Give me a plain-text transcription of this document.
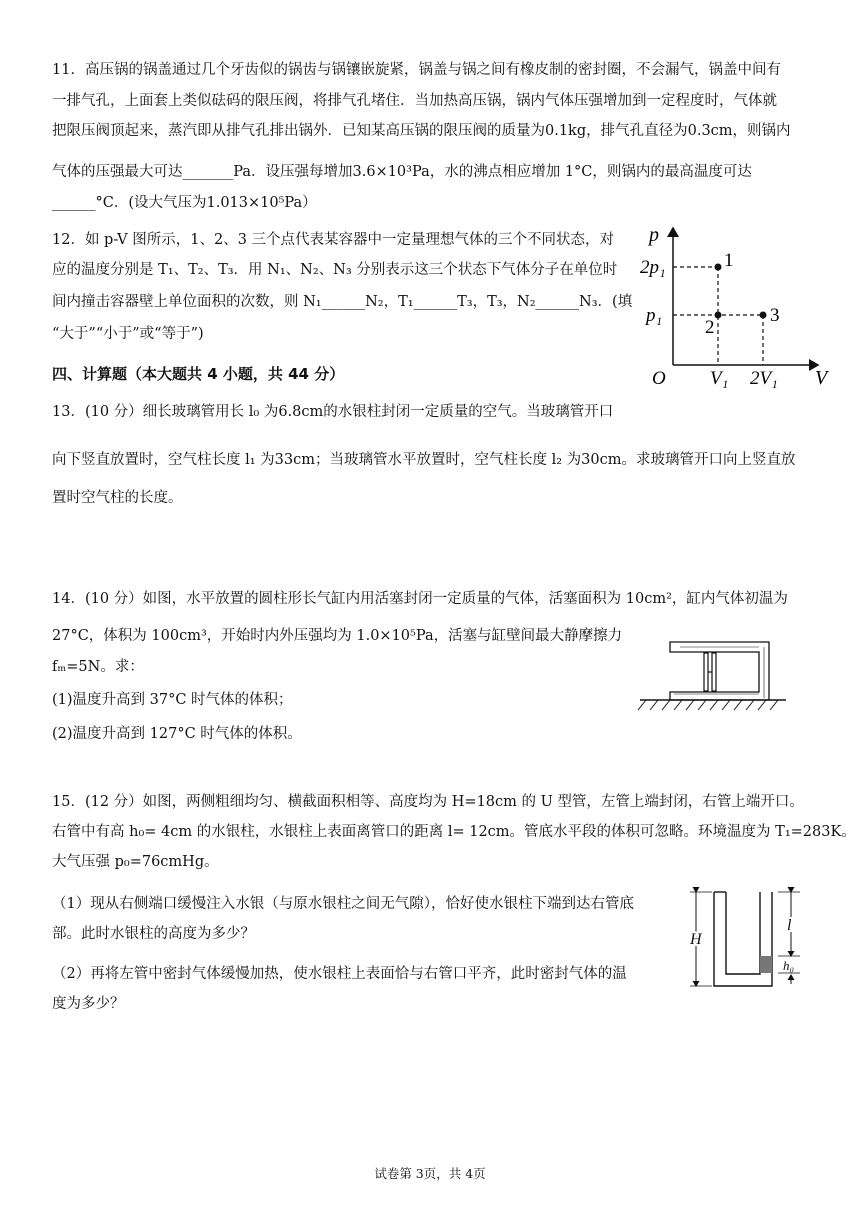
11．高压锅的锅盖通过几个牙齿似的锅齿与锅镶嵌旋紧，锅盖与锅之间有橡皮制的密封圈，不会漏气，锅盖中间有
一排气孔，上面套上类似砝码的限压阀，将排气孔堵住．当加热高压锅，锅内气体压强增加到一定程度时，气体就
把限压阀顶起来，蒸汽即从排气孔排出锅外．已知某高压锅的限压阀的质量为0.1kg，排气孔直径为0.3cm，则锅内
气体的压强最大可达_______Pa．设压强每增加3.6×10³Pa，水的沸点相应增加 1°C，则锅内的最高温度可达
______°C．(设大气压为1.013×10⁵Pa）
12．如 p-V 图所示，1、2、3 三个点代表某容器中一定量理想气体的三个不同状态，对
应的温度分别是 T₁、T₂、T₃．用 N₁、N₂、N₃ 分别表示这三个状态下气体分子在单位时
间内撞击容器壁上单位面积的次数，则 N₁______N₂，T₁______T₃，T₃，N₂______N₃．(填
“大于”“小于”或“等于”)
p
V
O
2p₁
p₁
V₁ 2V₁
1
2
3
四、计算题（本大题共 4 小题，共 44 分）
13．(10 分）细长玻璃管用长 l₀ 为6.8cm的水银柱封闭一定质量的空气。当玻璃管开口
向下竖直放置时，空气柱长度 l₁ 为33cm；当玻璃管水平放置时，空气柱长度 l₂ 为30cm。求玻璃管开口向上竖直放
置时空气柱的长度。
14．(10 分）如图，水平放置的圆柱形长气缸内用活塞封闭一定质量的气体，活塞面积为 10cm²，缸内气体初温为
27°C，体积为 100cm³，开始时内外压强均为 1.0×10⁵Pa，活塞与缸壁间最大静摩擦力
fₘ=5N。求：
(1)温度升高到 37°C 时气体的体积；
(2)温度升高到 127°C 时气体的体积。
15．(12 分）如图，两侧粗细均匀、横截面积相等、高度均为 H=18cm 的 U 型管，左管上端封闭，右管上端开口。
右管中有高 h₀= 4cm 的水银柱，水银柱上表面离管口的距离 l= 12cm。管底水平段的体积可忽略。环境温度为 T₁=283K。
大气压强 p₀=76cmHg。
（1）现从右侧端口缓慢注入水银（与原水银柱之间无气隙），恰好使水银柱下端到达右管底
部。此时水银柱的高度为多少？
（2）再将左管中密封气体缓慢加热，使水银柱上表面恰与右管口平齐，此时密封气体的温
度为多少？
H
l
h₀
试卷第 3页，共 4页
